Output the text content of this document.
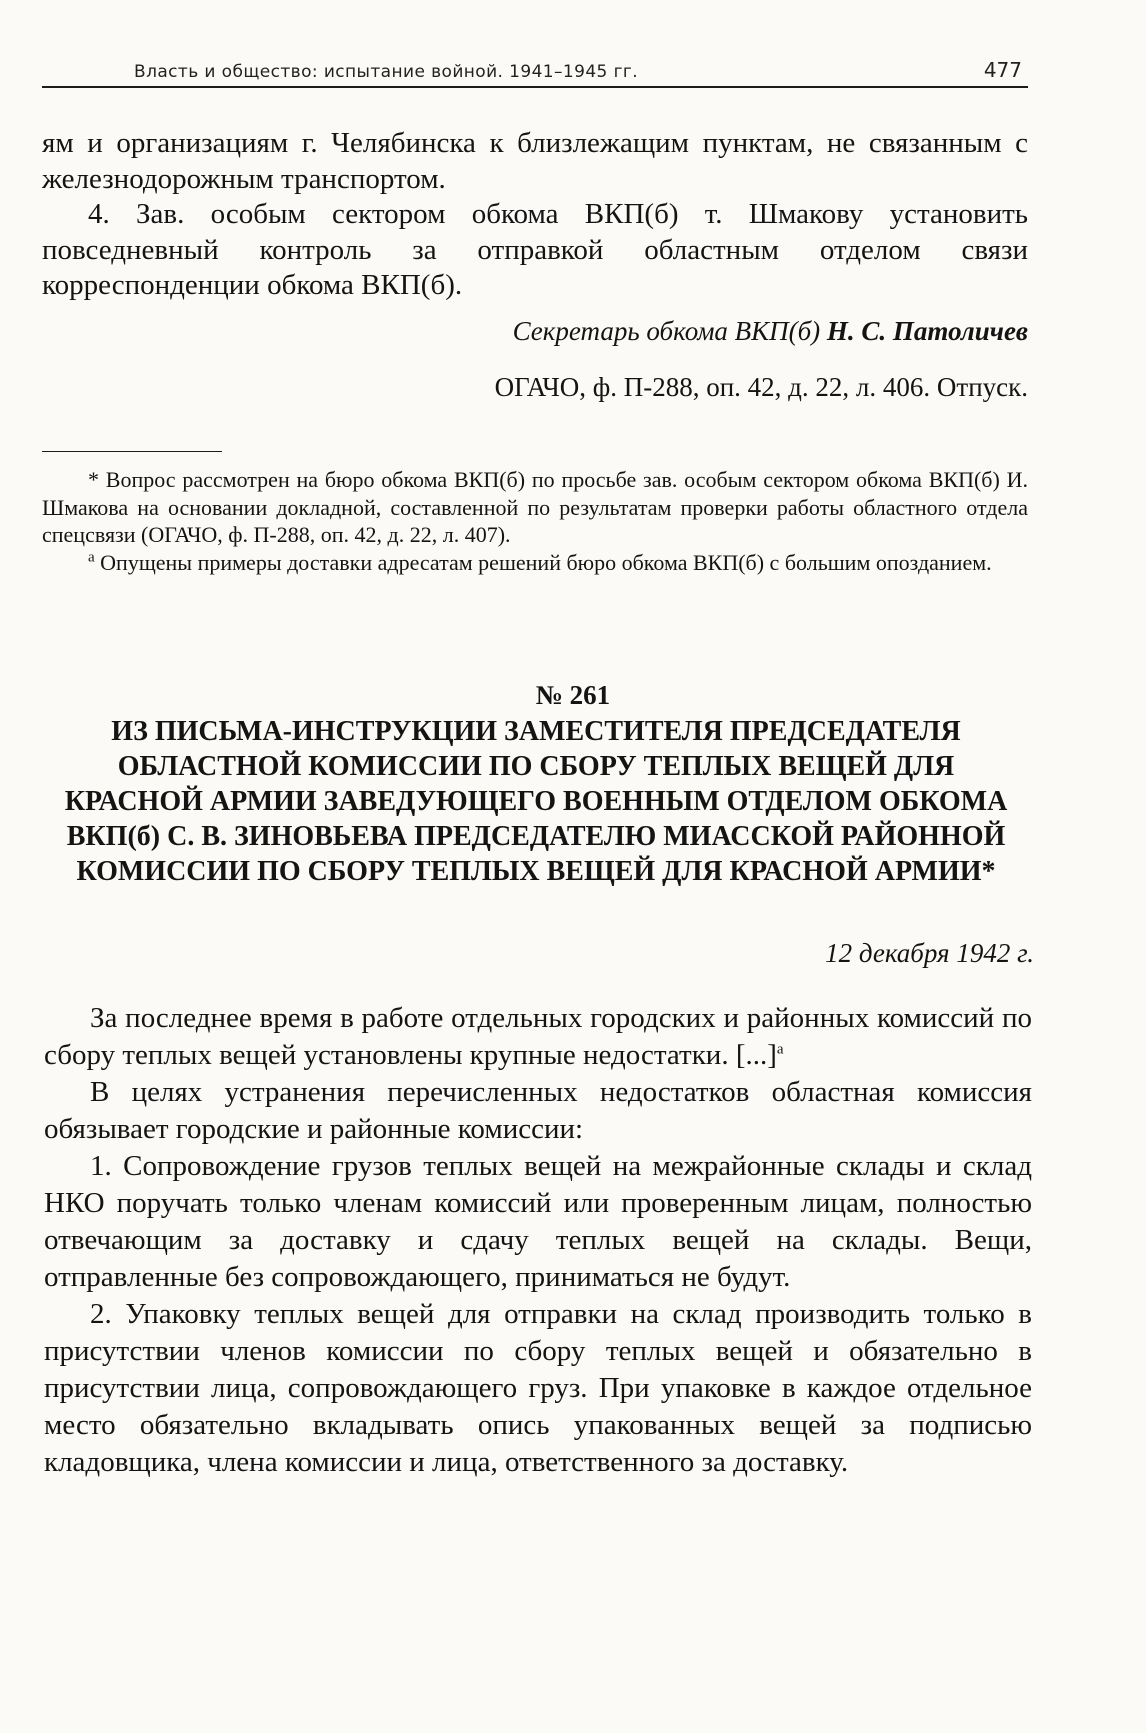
Власть и общество: испытание войной. 1941–1945 гг.	477

ям и организациям г. Челябинска к близлежащим пунктам, не связанным с железнодорожным транспортом.

4. Зав. особым сектором обкома ВКП(б) т. Шмакову установить повседневный контроль за отправкой областным отделом связи корреспонденции обкома ВКП(б).

Секретарь обкома ВКП(б) Н. С. Патоличев

ОГАЧО, ф. П-288, оп. 42, д. 22, л. 406. Отпуск.

* Вопрос рассмотрен на бюро обкома ВКП(б) по просьбе зав. особым сектором обкома ВКП(б) И. Шмакова на основании докладной, составленной по результатам проверки работы областного отдела спецсвязи (ОГАЧО, ф. П-288, оп. 42, д. 22, л. 407).

$^а$ Опущены примеры доставки адресатам решений бюро обкома ВКП(б) с большим опозданием.

№ 261

ИЗ ПИСЬМА-ИНСТРУКЦИИ ЗАМЕСТИТЕЛЯ ПРЕДСЕДАТЕЛЯ ОБЛАСТНОЙ КОМИССИИ ПО СБОРУ ТЕПЛЫХ ВЕЩЕЙ ДЛЯ КРАСНОЙ АРМИИ ЗАВЕДУЮЩЕГО ВОЕННЫМ ОТДЕЛОМ ОБКОМА ВКП(б) С. В. ЗИНОВЬЕВА ПРЕДСЕДАТЕЛЮ МИАССКОЙ РАЙОННОЙ КОМИССИИ ПО СБОРУ ТЕПЛЫХ ВЕЩЕЙ ДЛЯ КРАСНОЙ АРМИИ*

12 декабря 1942 г.

За последнее время в работе отдельных городских и районных комиссий по сбору теплых вещей установлены крупные недостатки. [...]$^а$

В целях устранения перечисленных недостатков областная комиссия обязывает городские и районные комиссии:

1. Сопровождение грузов теплых вещей на межрайонные склады и склад НКО поручать только членам комиссий или проверенным лицам, полностью отвечающим за доставку и сдачу теплых вещей на склады. Вещи, отправленные без сопровождающего, приниматься не будут.

2. Упаковку теплых вещей для отправки на склад производить только в присутствии членов комиссии по сбору теплых вещей и обязательно в присутствии лица, сопровождающего груз. При упаковке в каждое отдельное место обязательно вкладывать опись упакованных вещей за подписью кладовщика, члена комиссии и лица, ответственного за доставку.
